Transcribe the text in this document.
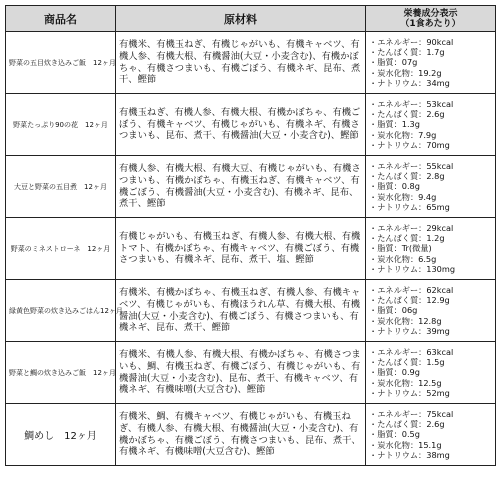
商品名	原材料	栄養成分表示
（1食あたり）

野菜の五目炊き込みご飯　12ヶ月	有機米、有機玉ねぎ、有機じゃがいも、有機キャベツ、有機人参、有機大根、有機醤油(大豆・小麦含む)、有機かぼちゃ、有機さつまいも、有機ごぼう、有機ネギ、昆布、煮干、鰹節	・エネルギー：90kcal
・たんぱく質：1.7g
・脂質：07g
・炭水化物：19.2g
・ナトリウム：34mg

野菜たっぷり90の花　12ヶ月	有機玉ねぎ、有機人参、有機大根、有機かぼちゃ、有機ごぼう、有機キャベツ、有機じゃがいも、有機ネギ、有機さつまいも、昆布、煮干、有機醤油(大豆・小麦含む)、鰹節	・エネルギー：53kcal
・たんぱく質：2.6g
・脂質：1.3g
・炭水化物：7.9g
・ナトリウム：70mg

大豆と野菜の五目煮　12ヶ月	有機人参、有機大根、有機大豆、有機じゃがいも、有機さつまいも、有機かぼちゃ、有機玉ねぎ、有機キャベツ、有機ごぼう、有機醤油(大豆・小麦含む)、有機ネギ、昆布、煮干、鰹節	・エネルギー：55kcal
・たんぱく質：2.8g
・脂質：0.8g
・炭水化物：9.4g
・ナトリウム：65mg

野菜のミネストローネ　12ヶ月	有機じゃがいも、有機玉ねぎ、有機人参、有機大根、有機トマト、有機かぼちゃ、有機キャベツ、有機ごぼう、有機さつまいも、有機ネギ、昆布、煮干、塩、鰹節	・エネルギー：29kcal
・たんぱく質：1.2g
・脂質：Tr(微量)
・炭水化物：6.5g
・ナトリウム：130mg

緑黄色野菜の炊き込みごはん12ヶ月	有機米、有機かぼちゃ、有機玉ねぎ、有機人参、有機キャベツ、有機じゃがいも、有機ほうれん草、有機大根、有機醤油(大豆・小麦含む)、有機ごぼう、有機さつまいも、有機ネギ、昆布、煮干、鰹節	・エネルギー：62kcal
・たんぱく質：12.9g
・脂質：06g
・炭水化物：12.8g
・ナトリウム：39mg

野菜と鯛の炊き込みご飯　12ヶ月	有機米、有機人参、有機大根、有機かぼちゃ、有機さつまいも、鯛、有機玉ねぎ、有機ごぼう、有機じゃがいも、有機醤油(大豆・小麦含む)、昆布、煮干、有機キャベツ、有機ネギ、有機味噌(大豆含む)、鰹節	・エネルギー：63kcal
・たんぱく質：1.5g
・脂質：0.9g
・炭水化物：12.5g
・ナトリウム：52mg

鯛めし　12ヶ月	有機米、鯛、有機キャベツ、有機じゃがいも、有機玉ねぎ、有機人参、有機大根、有機醤油(大豆・小麦含む)、有機かぼちゃ、有機ごぼう、有機さつまいも、昆布、煮干、有機ネギ、有機味噌(大豆含む)、鰹節	・エネルギー：75kcal
・たんぱく質：2.6g
・脂質：0.5g
・炭水化物：15.1g
・ナトリウム：38mg
